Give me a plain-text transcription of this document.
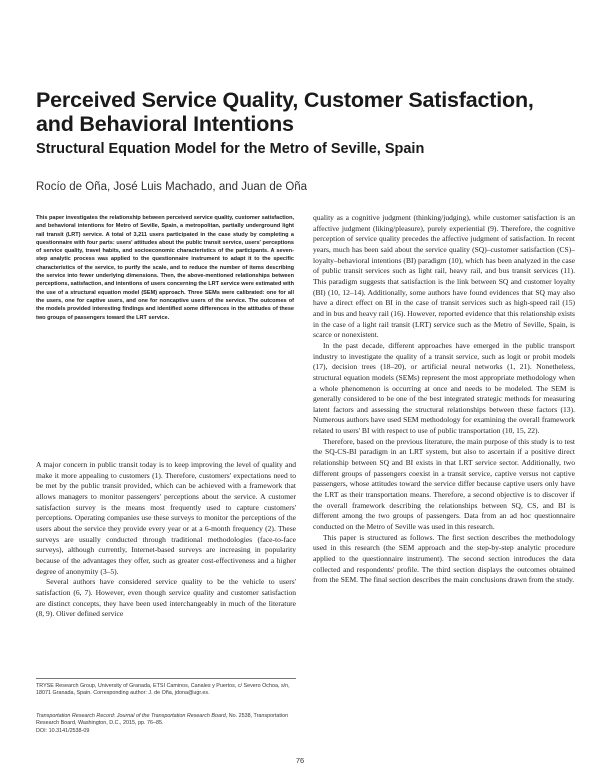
Perceived Service Quality, Customer Satisfaction, and Behavioral Intentions
Structural Equation Model for the Metro of Seville, Spain
Rocío de Oña, José Luis Machado, and Juan de Oña
This paper investigates the relationship between perceived service quality, customer satisfaction, and behavioral intentions for Metro of Seville, Spain, a metropolitan, partially underground light rail transit (LRT) service. A total of 3,211 users participated in the case study by completing a questionnaire with four parts: users' attitudes about the public transit service, users' perceptions of service quality, travel habits, and socioeconomic characteristics of the participants. A seven-step analytic process was applied to the questionnaire instrument to adapt it to the specific characteristics of the service, to purify the scale, and to reduce the number of items describing the service into fewer underlying dimensions. Then, the above-mentioned relationships between perceptions, satisfaction, and intentions of users concerning the LRT service were estimated with the use of a structural equation model (SEM) approach. Three SEMs were calibrated: one for all the users, one for captive users, and one for noncaptive users of the service. The outcomes of the models provided interesting findings and identified some differences in the attitudes of these two groups of passengers toward the LRT service.

A major concern in public transit today is to keep improving the level of quality and make it more appealing to customers (1). Therefore, customers' expectations need to be met by the public transit provided, which can be achieved with a framework that allows managers to monitor passengers' perceptions about the service. A customer satisfaction survey is the means most frequently used to capture customers' perceptions. Operating companies use these surveys to monitor the perceptions of the users about the service they provide every year or at a 6-month frequency (2). These surveys are usually conducted through traditional methodologies (face-to-face surveys), although currently, Internet-based surveys are increasing in popularity because of the advantages they offer, such as greater cost-effectiveness and a higher degree of anonymity (3–5).

Several authors have considered service quality to be the vehicle to users' satisfaction (6, 7). However, even though service quality and customer satisfaction are distinct concepts, they have been used interchangeably in much of the literature (8, 9). Oliver defined service

quality as a cognitive judgment (thinking/judging), while customer satisfaction is an affective judgment (liking/pleasure), purely experiential (9). Therefore, the cognitive perception of service quality precedes the affective judgment of satisfaction. In recent years, much has been said about the service quality (SQ)–customer satisfaction (CS)–loyalty–behavioral intentions (BI) paradigm (10), which has been analyzed in the case of public transit services such as light rail, heavy rail, and bus transit services (11). This paradigm suggests that satisfaction is the link between SQ and customer loyalty (BI) (10, 12–14). Additionally, some authors have found evidences that SQ may also have a direct effect on BI in the case of transit services such as high-speed rail (15) and in bus and heavy rail (16). However, reported evidence that this relationship exists in the case of a light rail transit (LRT) service such as the Metro of Seville, Spain, is scarce or nonexistent.

In the past decade, different approaches have emerged in the public transport industry to investigate the quality of a transit service, such as logit or probit models (17), decision trees (18–20), or artificial neural networks (1, 21). Nonetheless, structural equation models (SEMs) represent the most appropriate methodology when a whole phenomenon is occurring at once and needs to be modeled. The SEM is generally considered to be one of the best integrated strategic methods for measuring latent factors and assessing the structural relationships between these factors (13). Numerous authors have used SEM methodology for examining the overall framework related to users' BI with respect to use of public transportation (10, 15, 22).

Therefore, based on the previous literature, the main purpose of this study is to test the SQ-CS-BI paradigm in an LRT system, but also to ascertain if a positive direct relationship between SQ and BI exists in that LRT service sector. Additionally, two different groups of passengers coexist in a transit service, captive versus not captive passengers, whose attitudes toward the service differ because captive users only have the LRT as their transportation means. Therefore, a second objective is to discover if the overall framework describing the relationships between SQ, CS, and BI is different among the two groups of passengers. Data from an ad hoc questionnaire conducted on the Metro of Seville was used in this research.

This paper is structured as follows. The first section describes the methodology used in this research (the SEM approach and the step-by-step analytic procedure applied to the questionnaire instrument). The second section introduces the data collected and respondents' profile. The third section displays the outcomes obtained from the SEM. The final section describes the main conclusions drawn from the study.

TRYSE Research Group, University of Granada, ETSI Caminos, Canales y Puertos, c/ Severo Ochoa, s/n, 18071 Granada, Spain. Corresponding author: J. de Oña, jdona@ugr.es.
Transportation Research Record: Journal of the Transportation Research Board, No. 2538, Transportation Research Board, Washington, D.C., 2015, pp. 76–85.
DOI: 10.3141/2538-09
76
